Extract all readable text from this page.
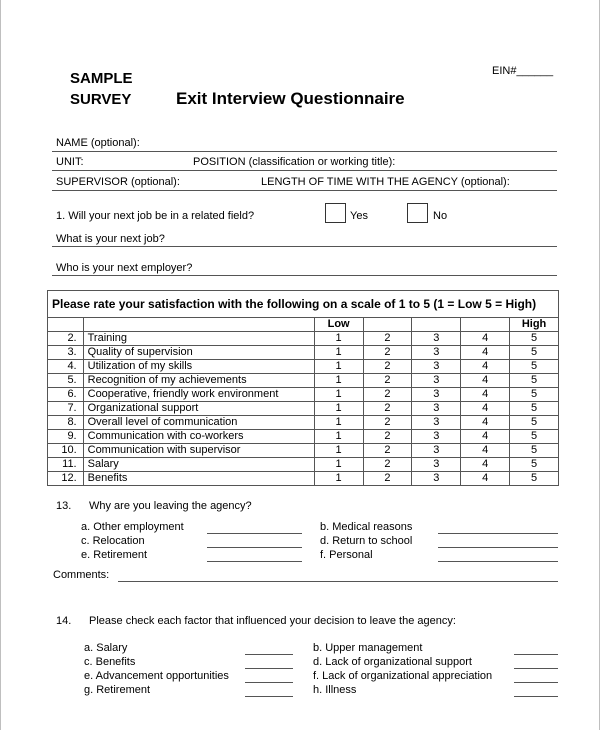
SAMPLE
SURVEY	Exit Interview Questionnaire
EIN#______
NAME (optional):
UNIT:	POSITION (classification or working title):
SUPERVISOR (optional):	LENGTH OF TIME WITH THE AGENCY (optional):
1. Will your next job be in a related field?	Yes	No
What is your next job?
Who is your next employer?
Please rate your satisfaction with the following on a scale of 1 to 5 (1 = Low 5 = High)						
		Low				High
2.	Training	1	2	3	4	5
3.	Quality of supervision	1	2	3	4	5
4.	Utilization of my skills	1	2	3	4	5
5.	Recognition of my achievements	1	2	3	4	5
6.	Cooperative, friendly work environment	1	2	3	4	5
7.	Organizational support	1	2	3	4	5
8.	Overall level of communication	1	2	3	4	5
9.	Communication with co-workers	1	2	3	4	5
10.	Communication with supervisor	1	2	3	4	5
11.	Salary	1	2	3	4	5
12.	Benefits	1	2	3	4	5
13. Why are you leaving the agency?
a. Other employment	b. Medical reasons
c. Relocation	d. Return to school
e. Retirement	f. Personal
Comments:
14. Please check each factor that influenced your decision to leave the agency:
a. Salary	b. Upper management
c. Benefits	d. Lack of organizational support
e. Advancement opportunities	f. Lack of organizational appreciation
g. Retirement	h. Illness
